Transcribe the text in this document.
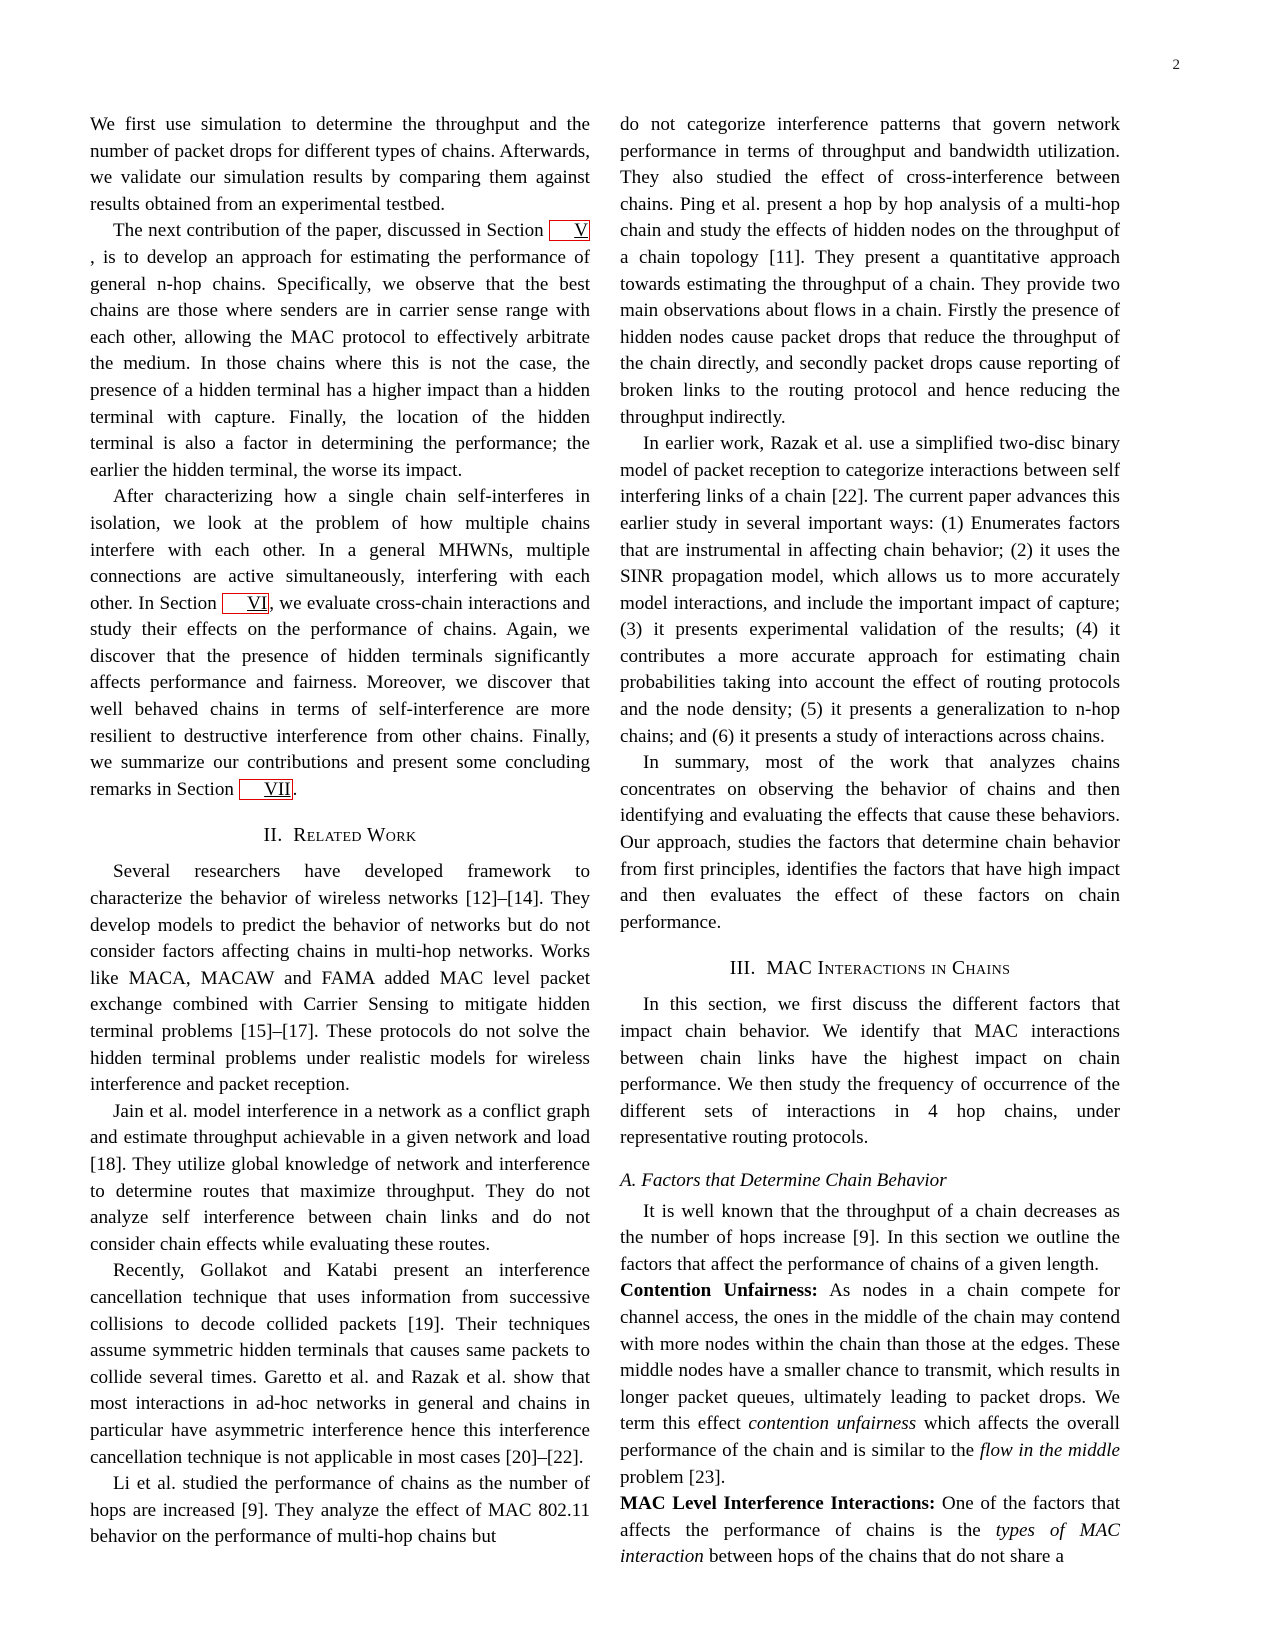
2

We first use simulation to determine the throughput and the number of packet drops for different types of chains. Afterwards, we validate our simulation results by comparing them against results obtained from an experimental testbed.

The next contribution of the paper, discussed in Section V, is to develop an approach for estimating the performance of general n-hop chains. Specifically, we observe that the best chains are those where senders are in carrier sense range with each other, allowing the MAC protocol to effectively arbitrate the medium. In those chains where this is not the case, the presence of a hidden terminal has a higher impact than a hidden terminal with capture. Finally, the location of the hidden terminal is also a factor in determining the performance; the earlier the hidden terminal, the worse its impact.

After characterizing how a single chain self-interferes in isolation, we look at the problem of how multiple chains interfere with each other. In a general MHWNs, multiple connections are active simultaneously, interfering with each other. In Section VI , we evaluate cross-chain interactions and study their effects on the performance of chains. Again, we discover that the presence of hidden terminals significantly affects performance and fairness. Moreover, we discover that well behaved chains in terms of self-interference are more resilient to destructive interference from other chains. Finally, we summarize our contributions and present some concluding remarks in Section VII .

II. Related Work

Several researchers have developed framework to characterize the behavior of wireless networks [12]–[14]. They develop models to predict the behavior of networks but do not consider factors affecting chains in multi-hop networks. Works like MACA, MACAW and FAMA added MAC level packet exchange combined with Carrier Sensing to mitigate hidden terminal problems [15]–[17]. These protocols do not solve the hidden terminal problems under realistic models for wireless interference and packet reception.

Jain et al. model interference in a network as a conflict graph and estimate throughput achievable in a given network and load [18]. They utilize global knowledge of network and interference to determine routes that maximize throughput. They do not analyze self interference between chain links and do not consider chain effects while evaluating these routes.

Recently, Gollakot and Katabi present an interference cancellation technique that uses information from successive collisions to decode collided packets [19]. Their techniques assume symmetric hidden terminals that causes same packets to collide several times. Garetto et al. and Razak et al. show that most interactions in ad-hoc networks in general and chains in particular have asymmetric interference hence this interference cancellation technique is not applicable in most cases [20]–[22].

Li et al. studied the performance of chains as the number of hops are increased [9]. They analyze the effect of MAC 802.11 behavior on the performance of multi-hop chains but

do not categorize interference patterns that govern network performance in terms of throughput and bandwidth utilization. They also studied the effect of cross-interference between chains. Ping et al. present a hop by hop analysis of a multi-hop chain and study the effects of hidden nodes on the throughput of a chain topology [11]. They present a quantitative approach towards estimating the throughput of a chain. They provide two main observations about flows in a chain. Firstly the presence of hidden nodes cause packet drops that reduce the throughput of the chain directly, and secondly packet drops cause reporting of broken links to the routing protocol and hence reducing the throughput indirectly.

In earlier work, Razak et al. use a simplified two-disc binary model of packet reception to categorize interactions between self interfering links of a chain [22]. The current paper advances this earlier study in several important ways: (1) Enumerates factors that are instrumental in affecting chain behavior; (2) it uses the SINR propagation model, which allows us to more accurately model interactions, and include the important impact of capture; (3) it presents experimental validation of the results; (4) it contributes a more accurate approach for estimating chain probabilities taking into account the effect of routing protocols and the node density; (5) it presents a generalization to n-hop chains; and (6) it presents a study of interactions across chains.

In summary, most of the work that analyzes chains concentrates on observing the behavior of chains and then identifying and evaluating the effects that cause these behaviors. Our approach, studies the factors that determine chain behavior from first principles, identifies the factors that have high impact and then evaluates the effect of these factors on chain performance.

III. MAC Interactions in Chains

In this section, we first discuss the different factors that impact chain behavior. We identify that MAC interactions between chain links have the highest impact on chain performance. We then study the frequency of occurrence of the different sets of interactions in 4 hop chains, under representative routing protocols.

A. Factors that Determine Chain Behavior

It is well known that the throughput of a chain decreases as the number of hops increase [9]. In this section we outline the factors that affect the performance of chains of a given length.

Contention Unfairness: As nodes in a chain compete for channel access, the ones in the middle of the chain may contend with more nodes within the chain than those at the edges. These middle nodes have a smaller chance to transmit, which results in longer packet queues, ultimately leading to packet drops. We term this effect contention unfairness which affects the overall performance of the chain and is similar to the flow in the middle problem [23].

MAC Level Interference Interactions: One of the factors that affects the performance of chains is the types of MAC interaction between hops of the chains that do not share a
